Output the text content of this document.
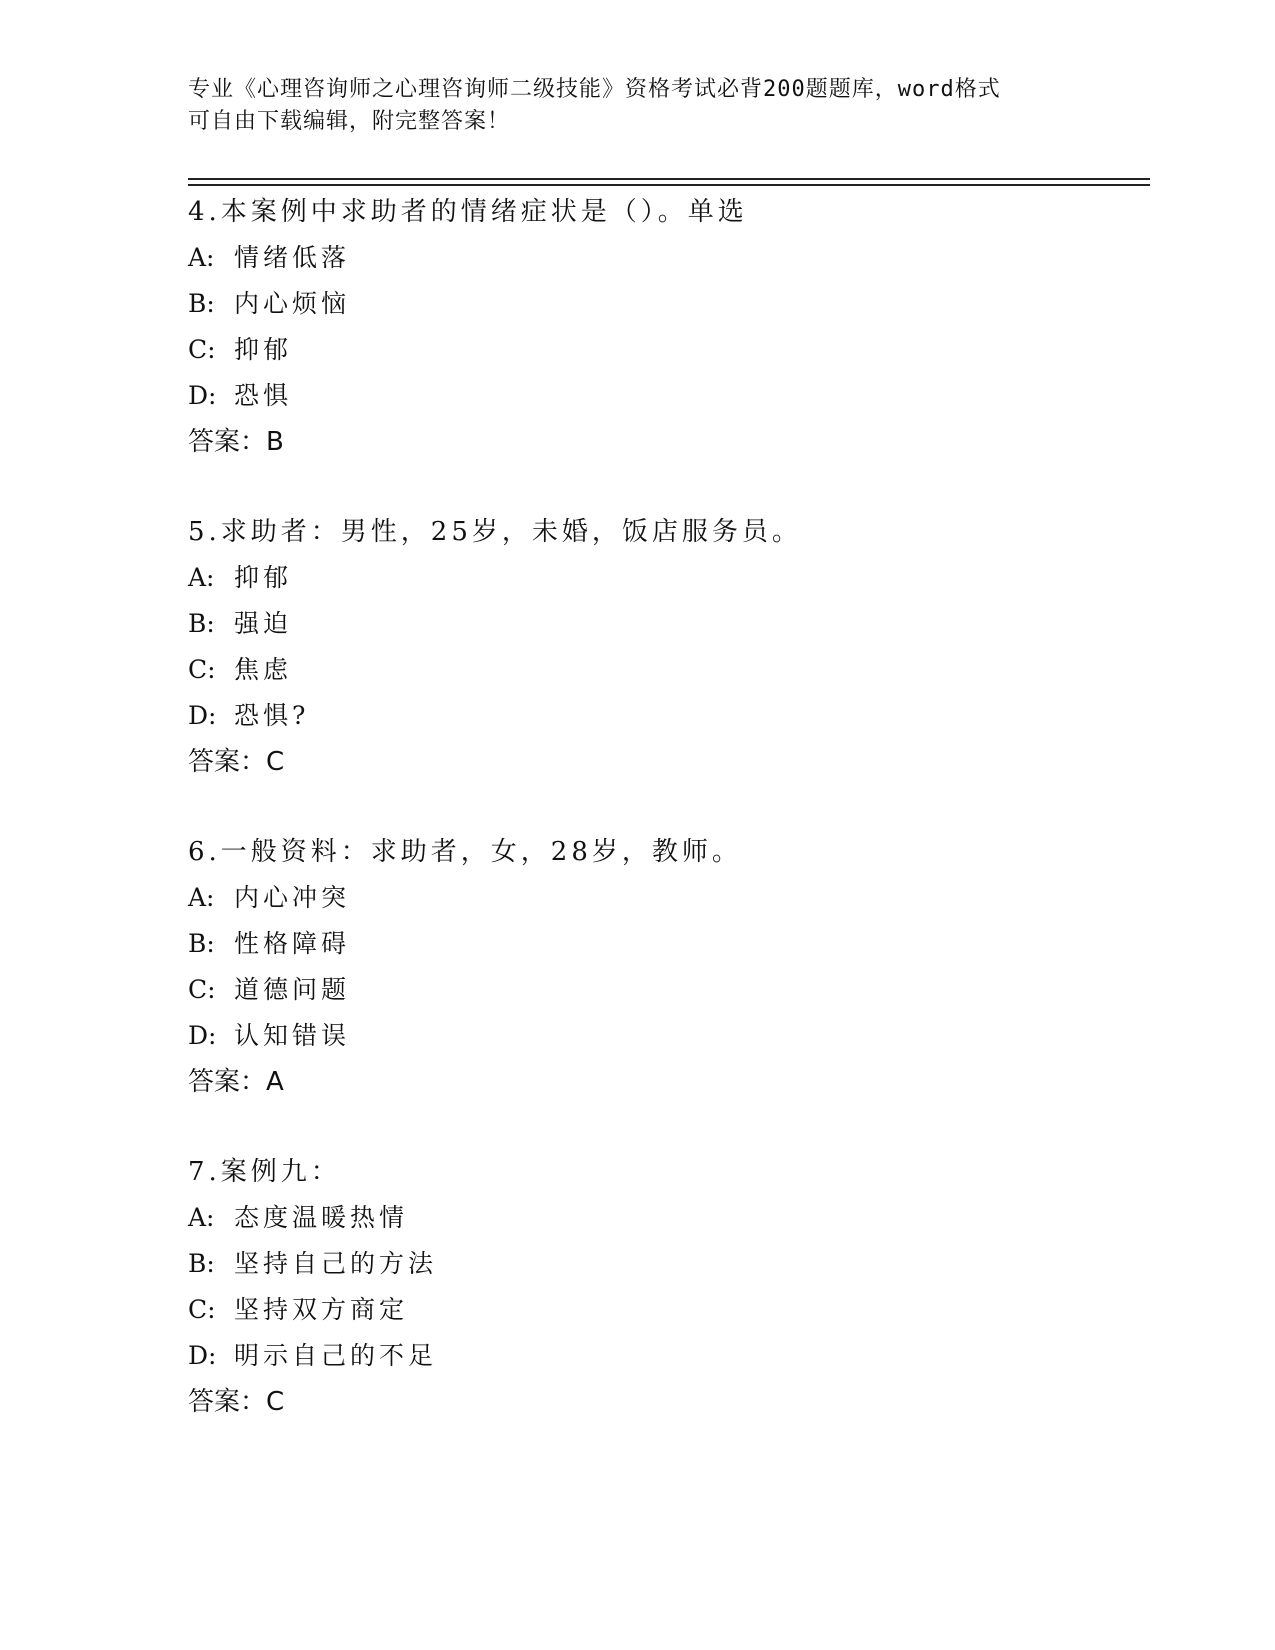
专业《心理咨询师之心理咨询师二级技能》资格考试必背200题题库，word格式
可自由下载编辑，附完整答案！
4.本案例中求助者的情绪症状是（）。单选
A: 情绪低落
B: 内心烦恼
C: 抑郁
D: 恐惧
答案：B
5.求助者：男性，25岁，未婚，饭店服务员。
A: 抑郁
B: 强迫
C: 焦虑
D: 恐惧?
答案：C
6.一般资料：求助者，女，28岁，教师。
A: 内心冲突
B: 性格障碍
C: 道德问题
D: 认知错误
答案：A
7.案例九：
A: 态度温暖热情
B: 坚持自己的方法
C: 坚持双方商定
D: 明示自己的不足
答案：C
